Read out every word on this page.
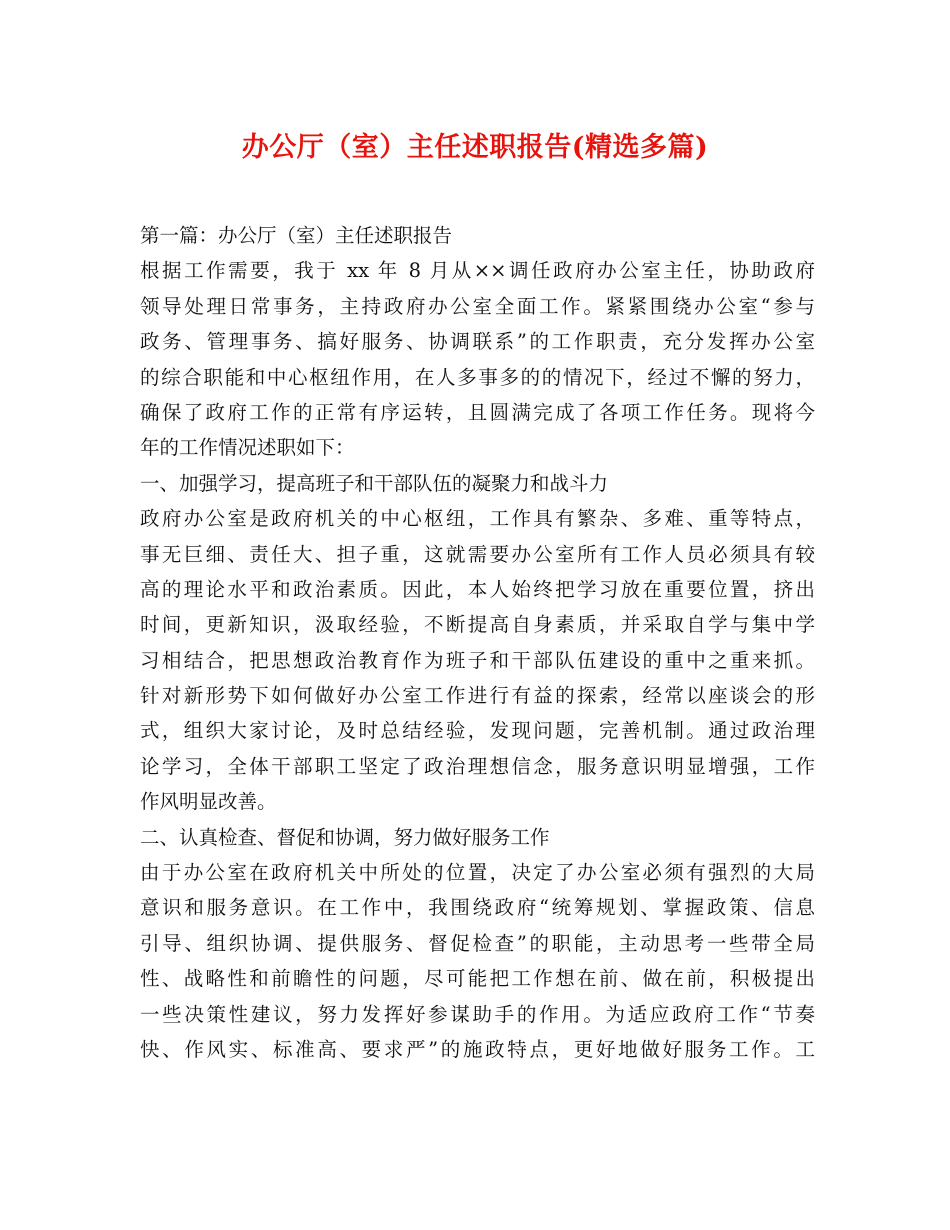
办公厅（室）主任述职报告(精选多篇)
第一篇：办公厅（室）主任述职报告
根据工作需要，我于 xx 年 8 月从××调任政府办公室主任，协助政府
领导处理日常事务，主持政府办公室全面工作。紧紧围绕办公室“参与
政务、管理事务、搞好服务、协调联系”的工作职责，充分发挥办公室
的综合职能和中心枢纽作用，在人多事多的的情况下，经过不懈的努力，
确保了政府工作的正常有序运转，且圆满完成了各项工作任务。现将今
年的工作情况述职如下：
一、加强学习，提高班子和干部队伍的凝聚力和战斗力
政府办公室是政府机关的中心枢纽，工作具有繁杂、多难、重等特点，
事无巨细、责任大、担子重，这就需要办公室所有工作人员必须具有较
高的理论水平和政治素质。因此，本人始终把学习放在重要位置，挤出
时间，更新知识，汲取经验，不断提高自身素质，并采取自学与集中学
习相结合，把思想政治教育作为班子和干部队伍建设的重中之重来抓。
针对新形势下如何做好办公室工作进行有益的探索，经常以座谈会的形
式，组织大家讨论，及时总结经验，发现问题，完善机制。通过政治理
论学习，全体干部职工坚定了政治理想信念，服务意识明显增强，工作
作风明显改善。
二、认真检查、督促和协调，努力做好服务工作
由于办公室在政府机关中所处的位置，决定了办公室必须有强烈的大局
意识和服务意识。在工作中，我围绕政府“统筹规划、掌握政策、信息
引导、组织协调、提供服务、督促检查”的职能，主动思考一些带全局
性、战略性和前瞻性的问题，尽可能把工作想在前、做在前，积极提出
一些决策性建议，努力发挥好参谋助手的作用。为适应政府工作“节奏
快、作风实、标准高、要求严”的施政特点，更好地做好服务工作。工
